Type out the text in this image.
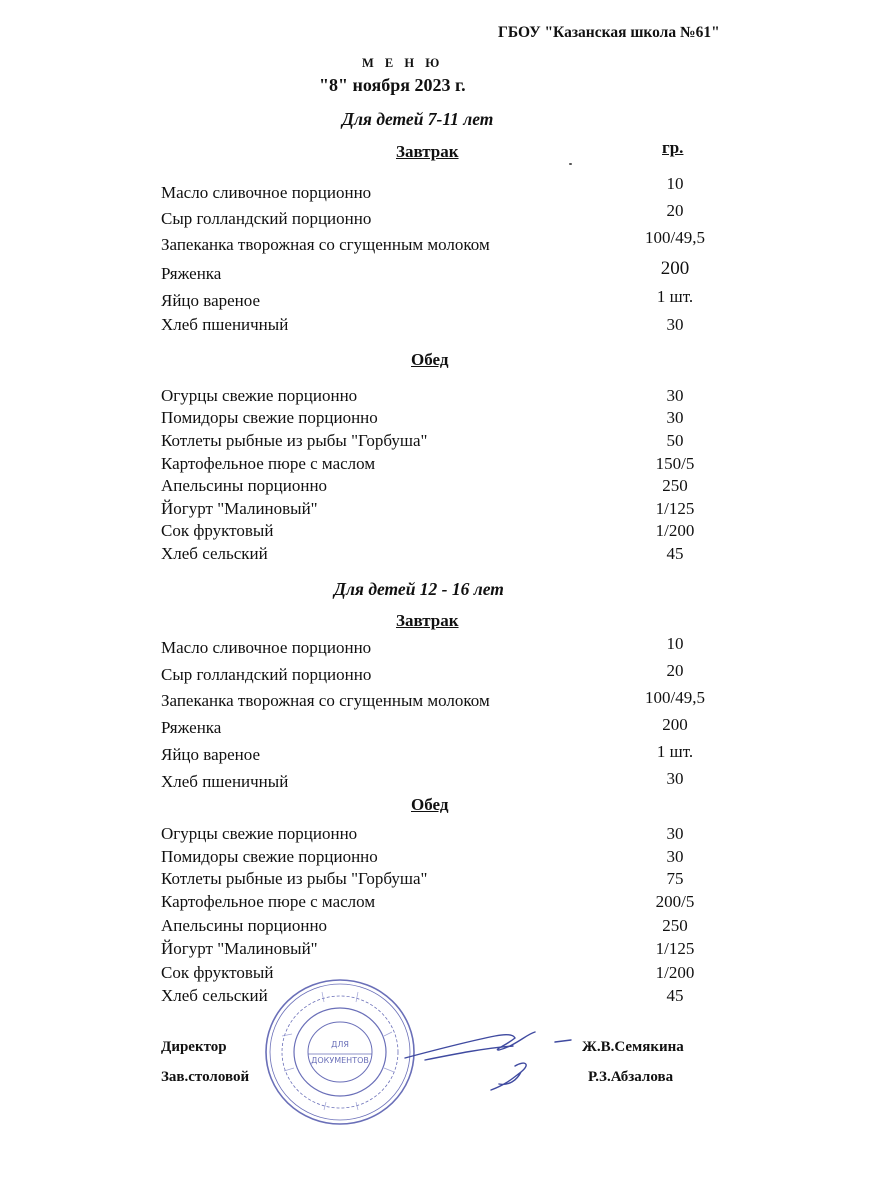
ГБОУ "Казанская школа №61"
М Е Н Ю
"8" ноября 2023 г.
Для детей 7-11 лет
Завтрак	гр.
Масло сливочное порционно	10
Сыр голландский порционно	20
Запеканка творожная со сгущенным молоком	100/49,5
Ряженка	200
Яйцо вареное	1 шт.
Хлеб пшеничный	30
Обед
Огурцы свежие порционно	30
Помидоры свежие порционно	30
Котлеты рыбные из рыбы "Горбуша"	50
Картофельное пюре с маслом	150/5
Апельсины порционно	250
Йогурт "Малиновый"	1/125
Сок фруктовый	1/200
Хлеб сельский	45
Для детей 12 - 16 лет
Завтрак
Масло сливочное порционно	10
Сыр голландский порционно	20
Запеканка творожная со сгущенным молоком	100/49,5
Ряженка	200
Яйцо вареное	1 шт.
Хлеб пшеничный	30
Обед
Огурцы свежие порционно	30
Помидоры свежие порционно	30
Котлеты рыбные из рыбы "Горбуша"	75
Картофельное пюре с маслом	200/5
Апельсины порционно	250
Йогурт "Малиновый"	1/125
Сок фруктовый	1/200
Хлеб сельский	45
Директор	Ж.В.Семякина
Зав.столовой	Р.З.Абзалова
ДЛЯ
ДОКУМЕНТОВ
